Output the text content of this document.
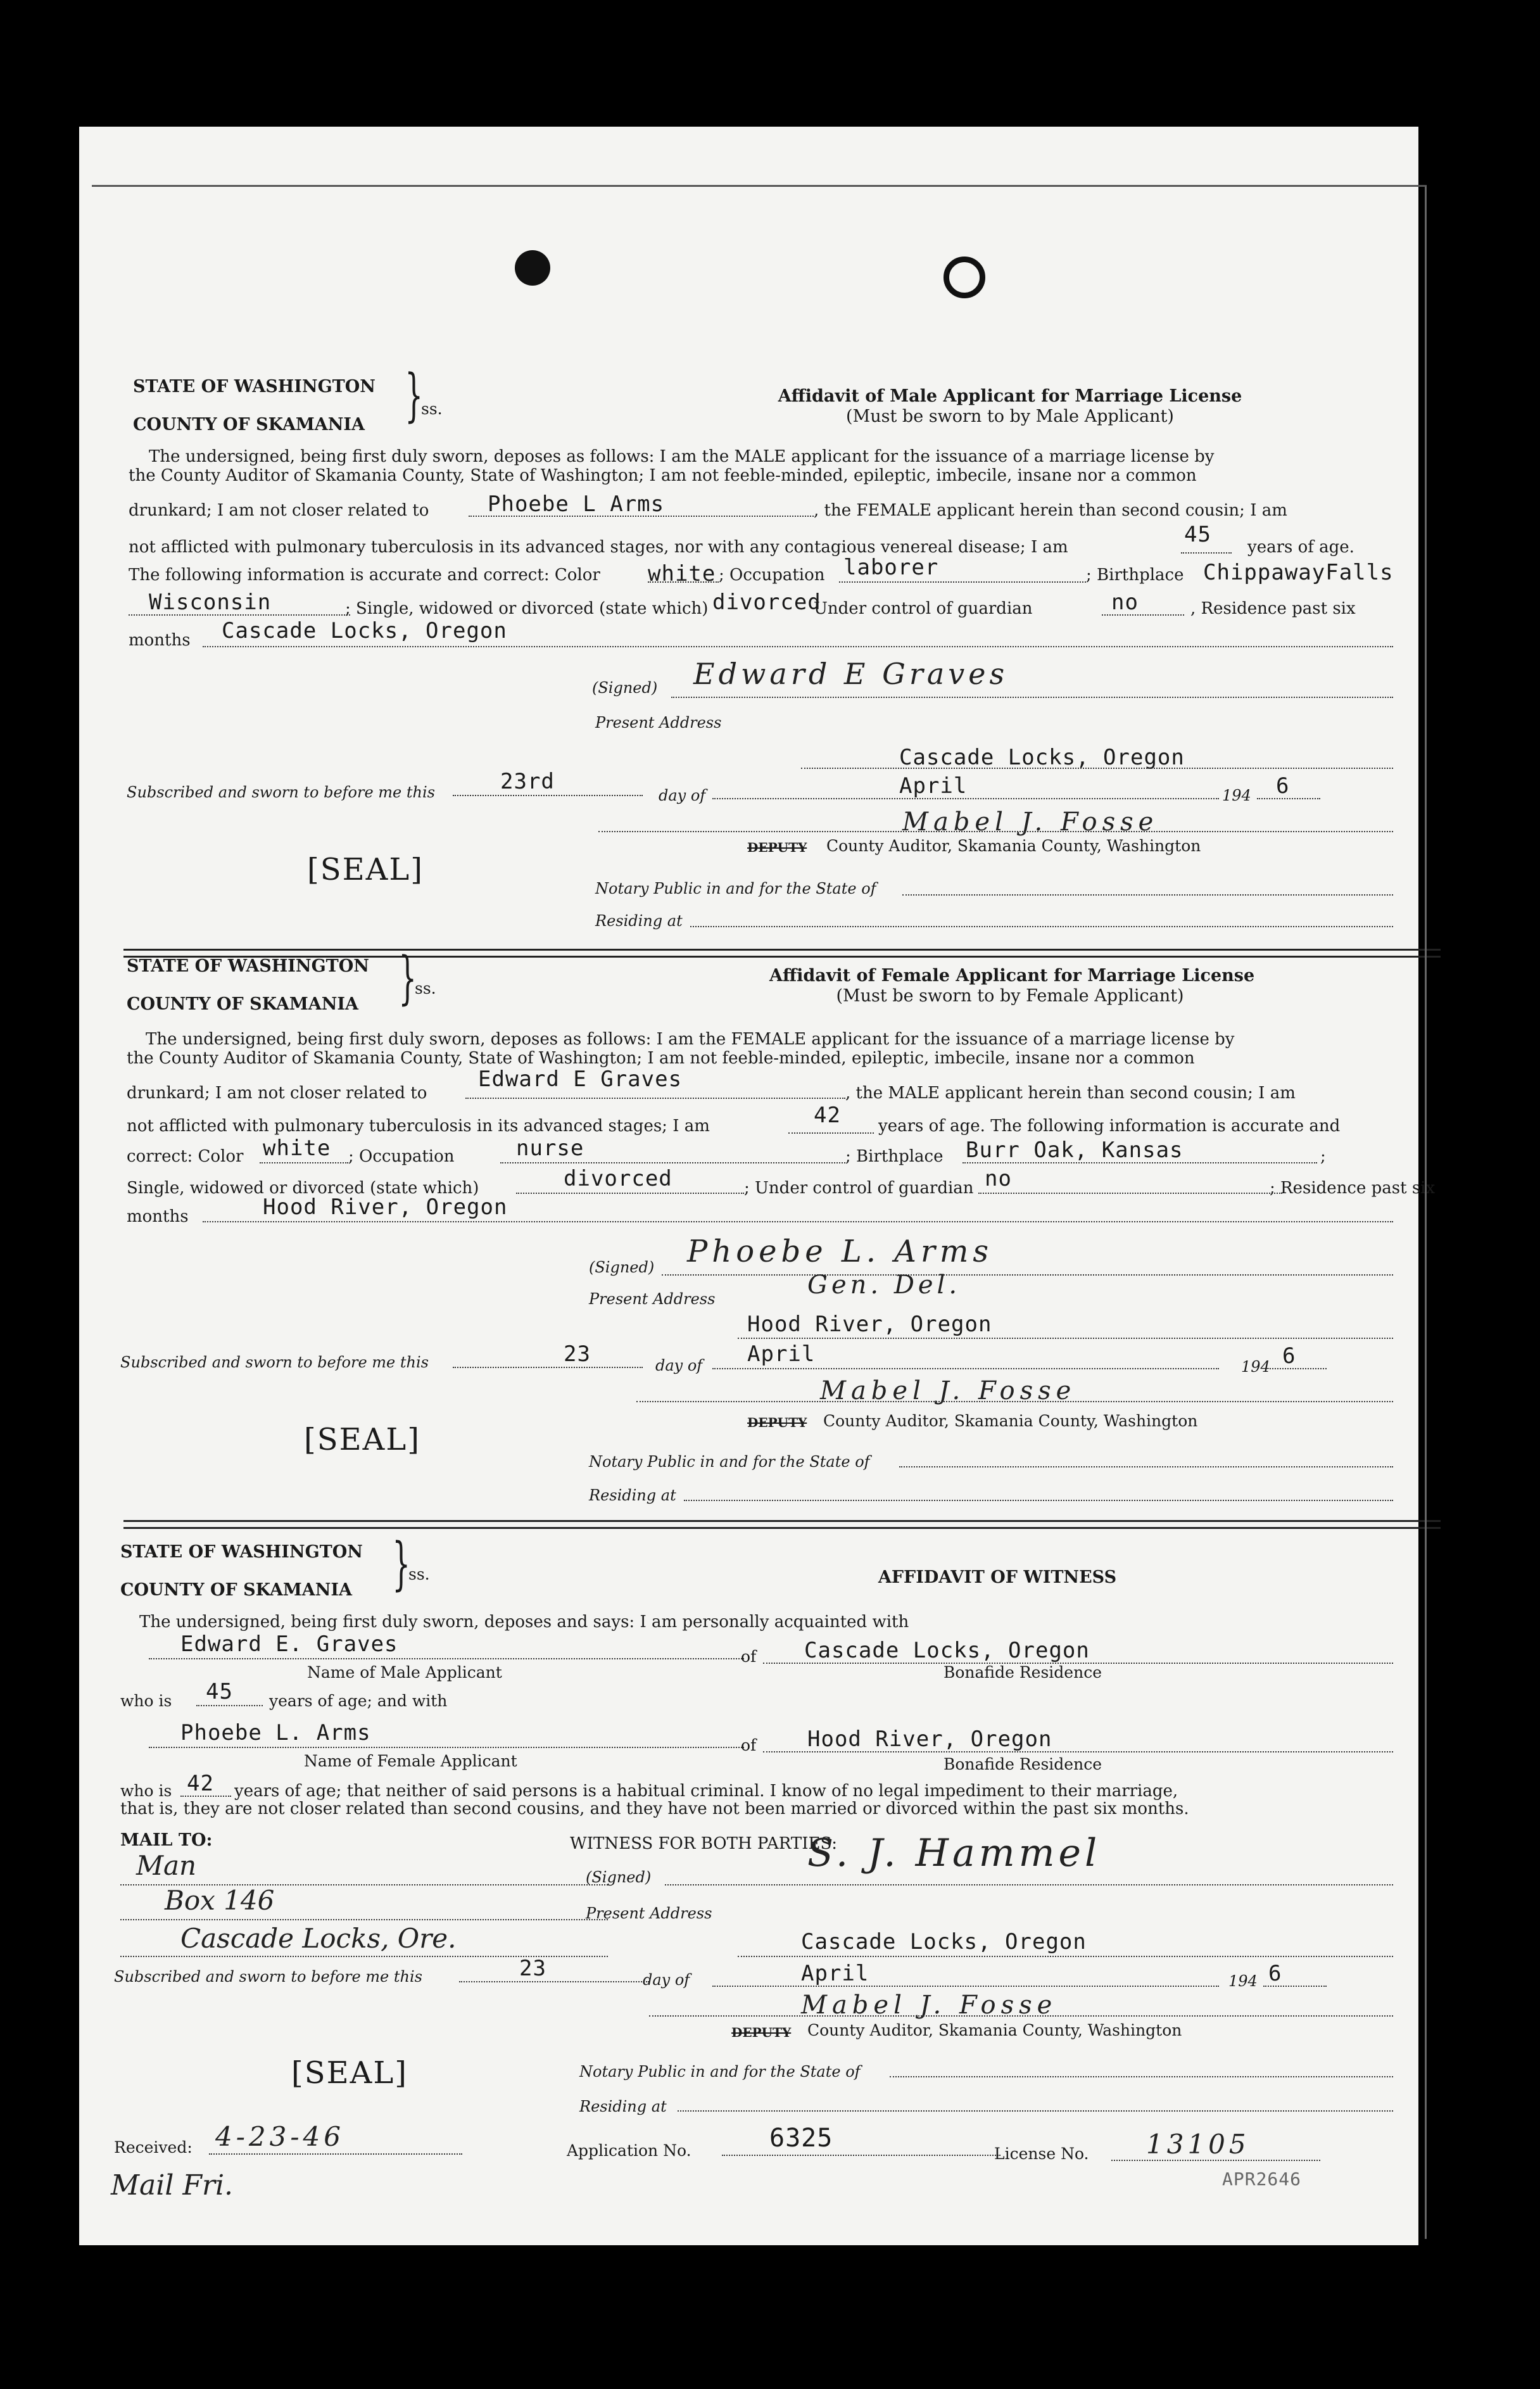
STATE OF WASHINGTON
COUNTY OF SKAMANIA }
ss.
Affidavit of Male Applicant for Marriage License
(Must be sworn to by Male Applicant)
The undersigned, being first duly sworn, deposes as follows: I am the MALE applicant for the issuance of a marriage license by
the County Auditor of Skamania County, State of Washington; I am not feeble-minded, epileptic, imbecile, insane nor a common
drunkard; I am not closer related to	Phoebe L Arms	, the FEMALE applicant herein than second cousin; I am
not afflicted with pulmonary tuberculosis in its advanced stages, nor with any contagious venereal disease; I am	45 years of age.
The following information is accurate and correct: Color white ; Occupation laborer	; Birthplace ChippawayFalls
Wisconsin	; Single, widowed or divorced (state which) divorced
Under control of guardian	no	, Residence past six
months Cascade Locks, Oregon
(Signed) Edward E Graves
Present Address
Cascade Locks, Oregon
Subscribed and sworn to before me this	23rd
day of	April	194 6
Mabel J. Fosse
DEPUTY County Auditor, Skamania County, Washington
[SEAL]
Notary Public in and for the State of
Residing at
STATE OF WASHINGTON
COUNTY OF SKAMANIA }
ss.
Affidavit of Female Applicant for Marriage License
(Must be sworn to by Female Applicant)
The undersigned, being first duly sworn, deposes as follows: I am the FEMALE applicant for the issuance of a marriage license by
the County Auditor of Skamania County, State of Washington; I am not feeble-minded, epileptic, imbecile, insane nor a common
drunkard; I am not closer related to
Edward E Graves
, the MALE applicant herein than second cousin; I am
not afflicted with pulmonary tuberculosis in its advanced stages; I am	42 years of age. The following information is accurate and
correct: Color white ; Occupation	nurse	; Birthplace Burr Oak, Kansas	;
Single, widowed or divorced (state which)	divorced	; Under control of guardian no	; Residence past six
months	Hood River, Oregon
(Signed) Phoebe L. Arms
Present Address	Gen. Del.
Hood River, Oregon
Subscribed and sworn to before me this	23	day of April	194 6
Mabel J. Fosse
DEPUTY County Auditor, Skamania County, Washington
[SEAL]
Notary Public in and for the State of
Residing at
STATE OF WASHINGTON
COUNTY OF SKAMANIA }
ss.	AFFIDAVIT OF WITNESS
The undersigned, being first duly sworn, deposes and says: I am personally acquainted with
Edward E. Graves	of Cascade Locks, Oregon
Name of Male Applicant	Bonafide Residence
who is 45 years of age; and with
Phoebe L. Arms	of Hood River, Oregon
Name of Female Applicant	Bonafide Residence
who is 42 years of age; that neither of said persons is a habitual criminal. I know of no legal impediment to their marriage,
that is, they are not closer related than second cousins, and they have not been married or divorced within the past six months.
MAIL TO:
Man
Box 146
Cascade Locks, Ore.
WITNESS FOR BOTH PARTIES:
(Signed)
S. J. Hammel
Present Address
Cascade Locks, Oregon
Subscribed and sworn to before me this	23	day of	April	194 6
Mabel J. Fosse
DEPUTY County Auditor, Skamania County, Washington
[SEAL]	Notary Public in and for the State of
Residing at
Received: 4-23-46	Application No.	6325
License No. 13105
APR2646
Mail Fri.
